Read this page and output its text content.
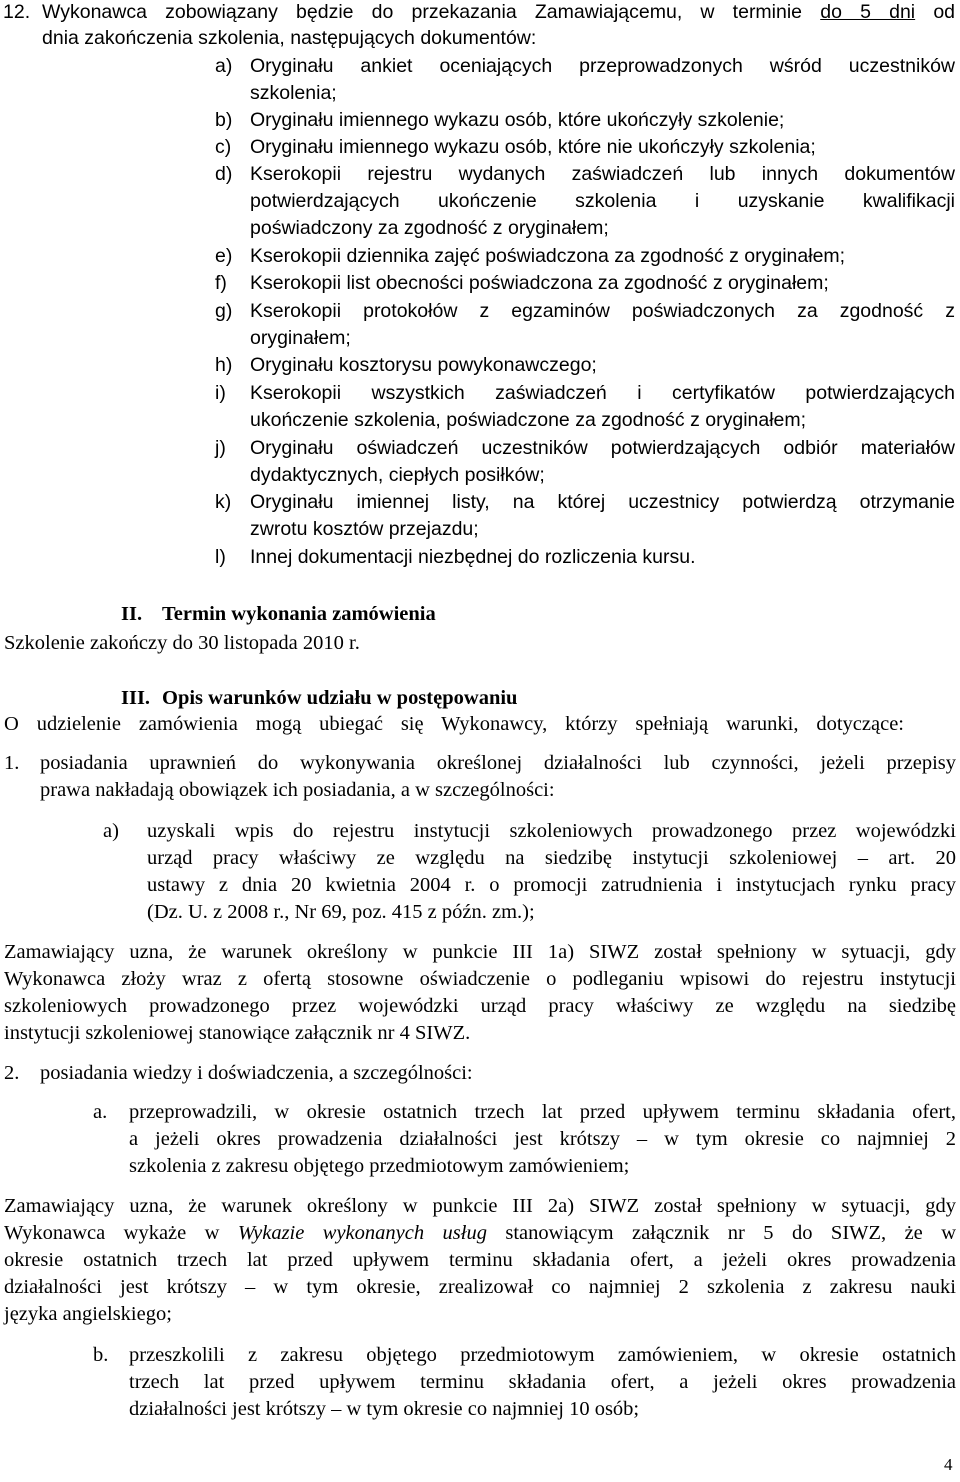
12. Wykonawca zobowiązany będzie do przekazania Zamawiającemu, w terminie do 5 dni od
dnia zakończenia szkolenia, następujących dokumentów:
a) Oryginału ankiet oceniających przeprowadzonych wśród uczestników
szkolenia;
b) Oryginału imiennego wykazu osób, które ukończyły szkolenie;
c) Oryginału imiennego wykazu osób, które nie ukończyły szkolenia;
d) Kserokopii rejestru wydanych zaświadczeń lub innych dokumentów
potwierdzających ukończenie szkolenia i uzyskanie kwalifikacji
poświadczony za zgodność z oryginałem;
e) Kserokopii dziennika zajęć poświadczona za zgodność z oryginałem;
f) Kserokopii list obecności poświadczona za zgodność z oryginałem;
g) Kserokopii protokołów z egzaminów poświadczonych za zgodność z
oryginałem;
h) Oryginału kosztorysu powykonawczego;
i) Kserokopii wszystkich zaświadczeń i certyfikatów potwierdzających
ukończenie szkolenia, poświadczone za zgodność z oryginałem;
j) Oryginału oświadczeń uczestników potwierdzających odbiór materiałów
dydaktycznych, ciepłych posiłków;
k) Oryginału imiennej listy, na której uczestnicy potwierdzą otrzymanie
zwrotu kosztów przejazdu;
l) Innej dokumentacji niezbędnej do rozliczenia kursu.
II. Termin wykonania zamówienia
Szkolenie zakończy do 30 listopada 2010 r.
III. Opis warunków udziału w postępowaniu
O udzielenie zamówienia mogą ubiegać się Wykonawcy, którzy spełniają warunki, dotyczące:
1. posiadania uprawnień do wykonywania określonej działalności lub czynności, jeżeli przepisy
prawa nakładają obowiązek ich posiadania, a w szczególności:
a) uzyskali wpis do rejestru instytucji szkoleniowych prowadzonego przez wojewódzki
urząd pracy właściwy ze względu na siedzibę instytucji szkoleniowej – art. 20
ustawy z dnia 20 kwietnia 2004 r. o promocji zatrudnienia i instytucjach rynku pracy
(Dz. U. z 2008 r., Nr 69, poz. 415 z późn. zm.);
Zamawiający uzna, że warunek określony w punkcie III 1a) SIWZ został spełniony w sytuacji, gdy
Wykonawca złoży wraz z ofertą stosowne oświadczenie o podleganiu wpisowi do rejestru instytucji
szkoleniowych prowadzonego przez wojewódzki urząd pracy właściwy ze względu na siedzibę
instytucji szkoleniowej stanowiące załącznik nr 4 SIWZ.
2. posiadania wiedzy i doświadczenia, a szczególności:
a. przeprowadzili, w okresie ostatnich trzech lat przed upływem terminu składania ofert,
a jeżeli okres prowadzenia działalności jest krótszy – w tym okresie co najmniej 2
szkolenia z zakresu objętego przedmiotowym zamówieniem;
Zamawiający uzna, że warunek określony w punkcie III 2a) SIWZ został spełniony w sytuacji, gdy
Wykonawca wykaże w Wykazie wykonanych usług stanowiącym załącznik nr 5 do SIWZ, że w
okresie ostatnich trzech lat przed upływem terminu składania ofert, a jeżeli okres prowadzenia
działalności jest krótszy – w tym okresie, zrealizował co najmniej 2 szkolenia z zakresu nauki
języka angielskiego;
b. przeszkolili z zakresu objętego przedmiotowym zamówieniem, w okresie ostatnich
trzech lat przed upływem terminu składania ofert, a jeżeli okres prowadzenia
działalności jest krótszy – w tym okresie co najmniej 10 osób;
4
